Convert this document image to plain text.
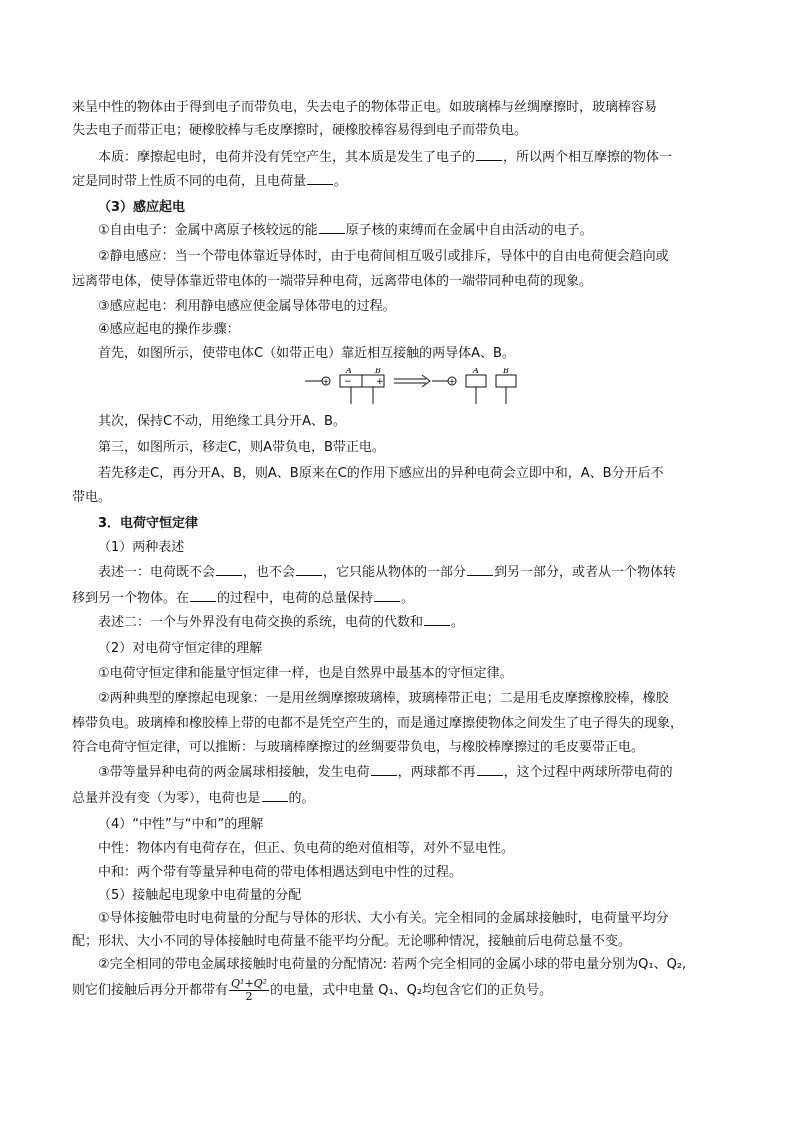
来呈中性的物体由于得到电子而带负电，失去电子的物体带正电。如玻璃棒与丝绸摩擦时，玻璃棒容易
失去电子而带正电；硬橡胶棒与毛皮摩擦时，硬橡胶棒容易得到电子而带负电。
本质：摩擦起电时，电荷并没有凭空产生，其本质是发生了电子的 ，所以两个相互摩擦的物体一
定是同时带上性质不同的电荷，且电荷量 。
（3）感应起电
①自由电子：金属中离原子核较远的能 原子核的束缚而在金属中自由活动的电子。
②静电感应：当一个带电体靠近导体时，由于电荷间相互吸引或排斥，导体中的自由电荷便会趋向或
远离带电体，使导体靠近带电体的一端带异种电荷，远离带电体的一端带同种电荷的现象。
③感应起电：利用静电感应使金属导体带电的过程。
④感应起电的操作步骤：
首先，如图所示，使带电体C（如带正电）靠近相互接触的两导体A、B。
+
A	B
−	+	+
A	B
其次，保持C不动，用绝缘工具分开A、B。
第三，如图所示，移走C，则A带负电，B带正电。
若先移走C，再分开A、B，则A、B原来在C的作用下感应出的异种电荷会立即中和，A、B分开后不
带电。
3．电荷守恒定律
（1）两种表述
表述一：电荷既不会 ，也不会 ，它只能从物体的一部分 到另一部分，或者从一个物体转
移到另一个物体。在 的过程中，电荷的总量保持 。
表述二：一个与外界没有电荷交换的系统，电荷的代数和 。
（2）对电荷守恒定律的理解
①电荷守恒定律和能量守恒定律一样，也是自然界中最基本的守恒定律。
②两种典型的摩擦起电现象：一是用丝绸摩擦玻璃棒，玻璃棒带正电；二是用毛皮摩擦橡胶棒，橡胶
棒带负电。玻璃棒和橡胶棒上带的电都不是凭空产生的，而是通过摩擦使物体之间发生了电子得失的现象，
符合电荷守恒定律，可以推断：与玻璃棒摩擦过的丝绸要带负电，与橡胶棒摩擦过的毛皮要带正电。
③带等量异种电荷的两金属球相接触，发生电荷 ，两球都不再 ，这个过程中两球所带电荷的
总量并没有变（为零），电荷也是 的。
（4）“中性”与“中和”的理解
中性：物体内有电荷存在，但正、负电荷的绝对值相等，对外不显电性。
中和：两个带有等量异种电荷的带电体相遇达到电中性的过程。
（5）接触起电现象中电荷量的分配
①导体接触带电时电荷量的分配与导体的形状、大小有关。完全相同的金属球接触时，电荷量平均分
配；形状、大小不同的导体接触时电荷量不能平均分配。无论哪种情况，接触前后电荷总量不变。
②完全相同的带电金属球接触时电荷量的分配情况: 若两个完全相同的金属小球的带电量分别为Q₁、Q₂,
则它们接触后再分开都带有 $\frac{\text{Q¹+Q²}}{2}$ 的电量，式中电量 Q₁、Q₂均包含它们的正负号。
